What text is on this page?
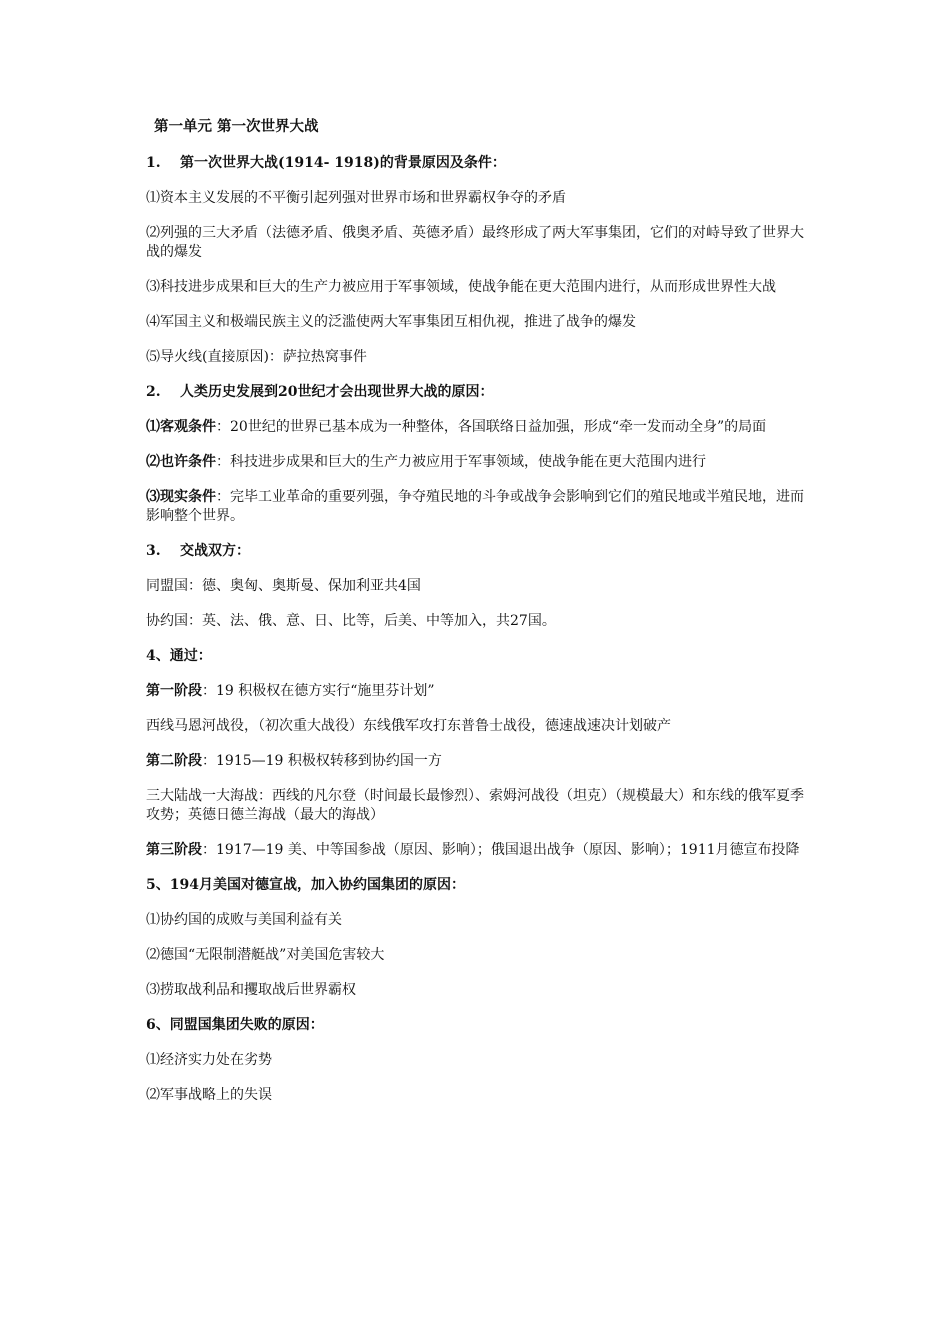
第一单元 第一次世界大战

1. 第一次世界大战(1914- 1918)的背景原因及条件：

⑴资本主义发展的不平衡引起列强对世界市场和世界霸权争夺的矛盾

⑵列强的三大矛盾（法德矛盾、俄奥矛盾、英德矛盾）最终形成了两大军事集团，它们的对峙导致了世界大战的爆发

⑶科技进步成果和巨大的生产力被应用于军事领域，使战争能在更大范围内进行，从而形成世界性大战

⑷军国主义和极端民族主义的泛滥使两大军事集团互相仇视，推进了战争的爆发

⑸导火线(直接原因)：萨拉热窝事件

2. 人类历史发展到20世纪才会出现世界大战的原因：

⑴客观条件：20世纪的世界已基本成为一种整体，各国联络日益加强，形成“牵一发而动全身”的局面

⑵也许条件：科技进步成果和巨大的生产力被应用于军事领域，使战争能在更大范围内进行

⑶现实条件：完毕工业革命的重要列强，争夺殖民地的斗争或战争会影响到它们的殖民地或半殖民地，进而影响整个世界。

3. 交战双方：

同盟国：德、奥匈、奥斯曼、保加利亚共4国

协约国：英、法、俄、意、日、比等，后美、中等加入，共27国。

4、通过：

第一阶段：19 积极权在德方实行“施里芬计划”

西线马恩河战役，（初次重大战役）东线俄军攻打东普鲁士战役，德速战速决计划破产

第二阶段：1915—19 积极权转移到协约国一方

三大陆战一大海战：西线的凡尔登（时间最长最惨烈）、索姆河战役（坦克）（规模最大）和东线的俄军夏季攻势；英德日德兰海战（最大的海战）

第三阶段：1917—19 美、中等国参战（原因、影响）；俄国退出战争（原因、影响）；1911月德宣布投降

5、194月美国对德宣战，加入协约国集团的原因：

⑴协约国的成败与美国利益有关

⑵德国“无限制潜艇战”对美国危害较大

⑶捞取战利品和攫取战后世界霸权

6、同盟国集团失败的原因：

⑴经济实力处在劣势

⑵军事战略上的失误
